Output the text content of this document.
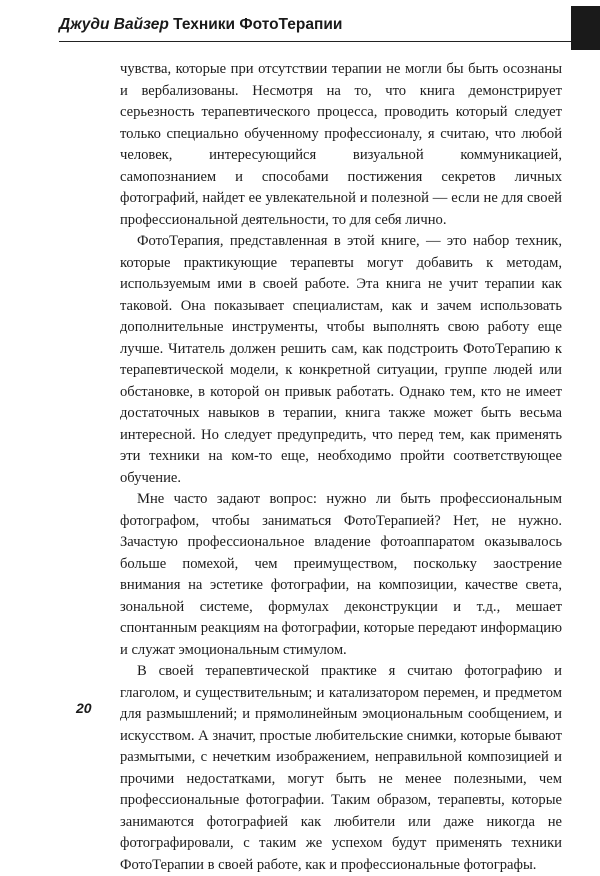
Джуди Вайзер Техники ФотоТерапии

чувства, которые при отсутствии терапии не могли бы быть осознаны и вербализованы. Несмотря на то, что книга демонстрирует серьезность терапевтического процесса, проводить который следует только специально обученному профессионалу, я считаю, что любой человек, интересующийся визуальной коммуникацией, самопознанием и способами постижения секретов личных фотографий, найдет ее увлекательной и полезной — если не для своей профессиональной деятельности, то для себя лично.

ФотоТерапия, представленная в этой книге, — это набор техник, которые практикующие терапевты могут добавить к методам, используемым ими в своей работе. Эта книга не учит терапии как таковой. Она показывает специалистам, как и зачем использовать дополнительные инструменты, чтобы выполнять свою работу еще лучше. Читатель должен решить сам, как подстроить ФотоТерапию к терапевтической модели, к конкретной ситуации, группе людей или обстановке, в которой он привык работать. Однако тем, кто не имеет достаточных навыков в терапии, книга также может быть весьма интересной. Но следует предупредить, что перед тем, как применять эти техники на ком-то еще, необходимо пройти соответствующее обучение.

Мне часто задают вопрос: нужно ли быть профессиональным фотографом, чтобы заниматься ФотоТерапией? Нет, не нужно. Зачастую профессиональное владение фотоаппаратом оказывалось больше помехой, чем преимуществом, поскольку заострение внимания на эстетике фотографии, на композиции, качестве света, зональной системе, формулах деконструкции и т.д., мешает спонтанным реакциям на фотографии, которые передают информацию и служат эмоциональным стимулом.

В своей терапевтической практике я считаю фотографию и глаголом, и существительным; и катализатором перемен, и предметом для размышлений; и прямолинейным эмоциональным сообщением, и искусством. А значит, простые любительские снимки, которые бывают размытыми, с нечетким изображением, неправильной композицией и прочими недостатками, могут быть не менее полезными, чем профессиональные фотографии. Таким образом, терапевты, которые занимаются фотографией как любители или даже никогда не фотографировали, с таким же успехом будут применять техники ФотоТерапии в своей работе, как и профессиональные фотографы.

20
